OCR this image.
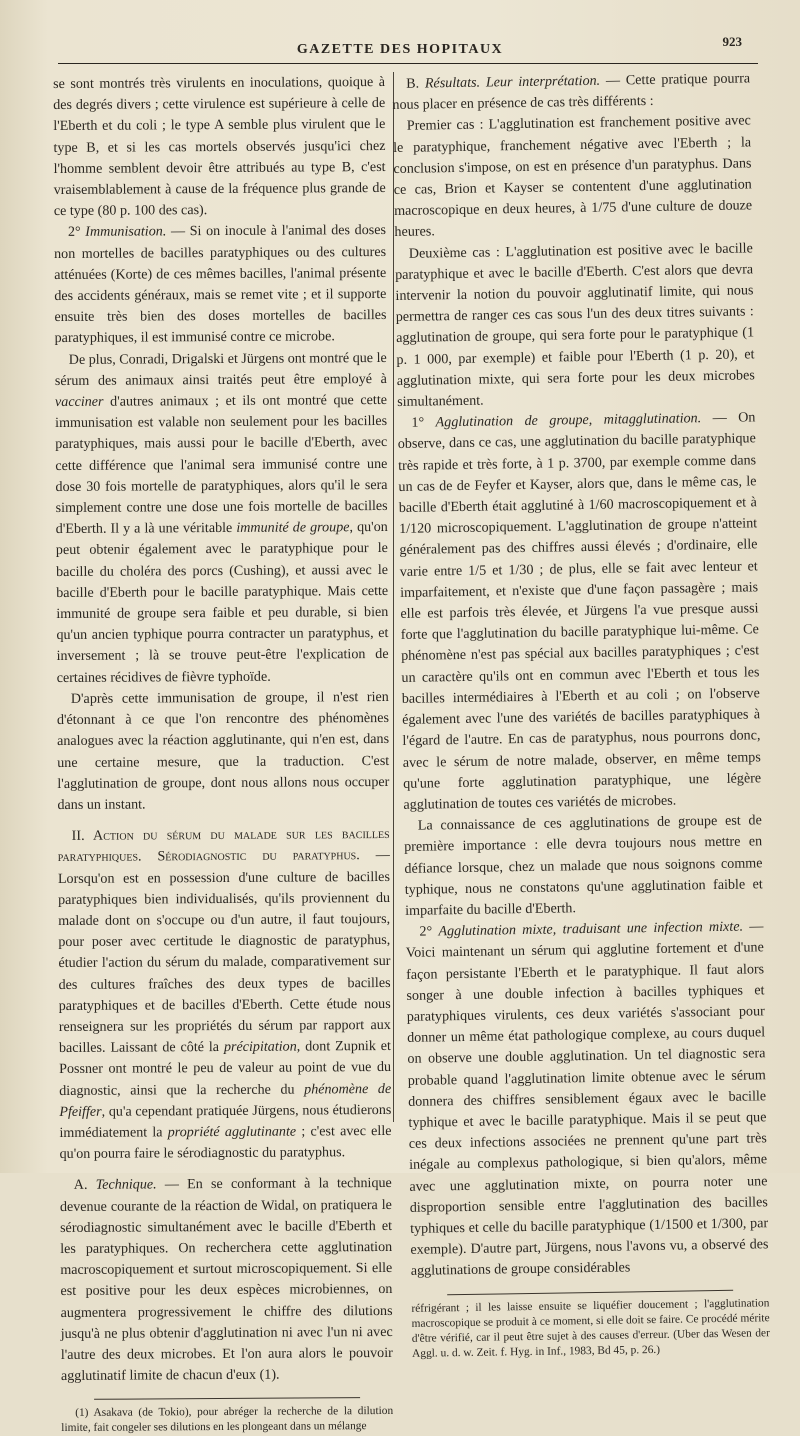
GAZETTE DES HOPITAUX
923

se sont montrés très virulents en inoculations, quoique à des degrés divers ; cette virulence est supérieure à celle de l'Eberth et du coli ; le type A semble plus virulent que le type B, et si les cas mortels observés jusqu'ici chez l'homme semblent devoir être attribués au type B, c'est vraisemblablement à cause de la fréquence plus grande de ce type (80 p. 100 des cas).

2° Immunisation. — Si on inocule à l'animal des doses non mortelles de bacilles paratyphiques ou des cultures atténuées (Korte) de ces mêmes bacilles, l'animal présente des accidents généraux, mais se remet vite ; et il supporte ensuite très bien des doses mortelles de bacilles paratyphiques, il est immunisé contre ce microbe.

De plus, Conradi, Drigalski et Jürgens ont montré que le sérum des animaux ainsi traités peut être employé à vacciner d'autres animaux ; et ils ont montré que cette immunisation est valable non seulement pour les bacilles paratyphiques, mais aussi pour le bacille d'Eberth, avec cette différence que l'animal sera immunisé contre une dose 30 fois mortelle de paratyphiques, alors qu'il le sera simplement contre une dose une fois mortelle de bacilles d'Eberth. Il y a là une véritable immunité de groupe, qu'on peut obtenir également avec le paratyphique pour le bacille du choléra des porcs (Cushing), et aussi avec le bacille d'Eberth pour le bacille paratyphique. Mais cette immunité de groupe sera faible et peu durable, si bien qu'un ancien typhique pourra contracter un paratyphus, et inversement ; là se trouve peut-être l'explication de certaines récidives de fièvre typhoïde.

D'après cette immunisation de groupe, il n'est rien d'étonnant à ce que l'on rencontre des phénomènes analogues avec la réaction agglutinante, qui n'en est, dans une certaine mesure, que la traduction. C'est l'agglutination de groupe, dont nous allons nous occuper dans un instant.

II. Action du sérum du malade sur les bacilles paratyphiques. Sérodiagnostic du paratyphus. — Lorsqu'on est en possession d'une culture de bacilles paratyphiques bien individualisés, qu'ils proviennent du malade dont on s'occupe ou d'un autre, il faut toujours, pour poser avec certitude le diagnostic de paratyphus, étudier l'action du sérum du malade, comparativement sur des cultures fraîches des deux types de bacilles paratyphiques et de bacilles d'Eberth. Cette étude nous renseignera sur les propriétés du sérum par rapport aux bacilles. Laissant de côté la précipitation, dont Zupnik et Possner ont montré le peu de valeur au point de vue du diagnostic, ainsi que la recherche du phénomène de Pfeiffer, qu'a cependant pratiquée Jürgens, nous étudierons immédiatement la propriété agglutinante ; c'est avec elle qu'on pourra faire le sérodiagnostic du paratyphus.

A. Technique. — En se conformant à la technique devenue courante de la réaction de Widal, on pratiquera le sérodiagnostic simultanément avec le bacille d'Eberth et les paratyphiques. On recherchera cette agglutination macroscopiquement et surtout microscopiquement. Si elle est positive pour les deux espèces microbiennes, on augmentera progressivement le chiffre des dilutions jusqu'à ne plus obtenir d'agglutination ni avec l'un ni avec l'autre des deux microbes. Et l'on aura alors le pouvoir agglutinatif limite de chacun d'eux (1).

(1) Asakava (de Tokio), pour abréger la recherche de la dilution limite, fait congeler ses dilutions en les plongeant dans un mélange

B. Résultats. Leur interprétation. — Cette pratique pourra nous placer en présence de cas très différents :

Premier cas : L'agglutination est franchement positive avec le paratyphique, franchement négative avec l'Eberth ; la conclusion s'impose, on est en présence d'un paratyphus. Dans ce cas, Brion et Kayser se contentent d'une agglutination macroscopique en deux heures, à 1/75 d'une culture de douze heures.

Deuxième cas : L'agglutination est positive avec le bacille paratyphique et avec le bacille d'Eberth. C'est alors que devra intervenir la notion du pouvoir agglutinatif limite, qui nous permettra de ranger ces cas sous l'un des deux titres suivants : agglutination de groupe, qui sera forte pour le paratyphique (1 p. 1 000, par exemple) et faible pour l'Eberth (1 p. 20), et agglutination mixte, qui sera forte pour les deux microbes simultanément.

1° Agglutination de groupe, mitagglutination. — On observe, dans ce cas, une agglutination du bacille paratyphique très rapide et très forte, à 1 p. 3700, par exemple comme dans un cas de de Feyfer et Kayser, alors que, dans le même cas, le bacille d'Eberth était agglutiné à 1/60 macroscopiquement et à 1/120 microscopiquement. L'agglutination de groupe n'atteint généralement pas des chiffres aussi élevés ; d'ordinaire, elle varie entre 1/5 et 1/30 ; de plus, elle se fait avec lenteur et imparfaitement, et n'existe que d'une façon passagère ; mais elle est parfois très élevée, et Jürgens l'a vue presque aussi forte que l'agglutination du bacille paratyphique lui-même. Ce phénomène n'est pas spécial aux bacilles paratyphiques ; c'est un caractère qu'ils ont en commun avec l'Eberth et tous les bacilles intermédiaires à l'Eberth et au coli ; on l'observe également avec l'une des variétés de bacilles paratyphiques à l'égard de l'autre. En cas de paratyphus, nous pourrons donc, avec le sérum de notre malade, observer, en même temps qu'une forte agglutination paratyphique, une légère agglutination de toutes ces variétés de microbes.

La connaissance de ces agglutinations de groupe est de première importance : elle devra toujours nous mettre en défiance lorsque, chez un malade que nous soignons comme typhique, nous ne constatons qu'une agglutination faible et imparfaite du bacille d'Eberth.

2° Agglutination mixte, traduisant une infection mixte. — Voici maintenant un sérum qui agglutine fortement et d'une façon persistante l'Eberth et le paratyphique. Il faut alors songer à une double infection à bacilles typhiques et paratyphiques virulents, ces deux variétés s'associant pour donner un même état pathologique complexe, au cours duquel on observe une double agglutination. Un tel diagnostic sera probable quand l'agglutination limite obtenue avec le sérum donnera des chiffres sensiblement égaux avec le bacille typhique et avec le bacille paratyphique. Mais il se peut que ces deux infections associées ne prennent qu'une part très inégale au complexus pathologique, si bien qu'alors, même avec une agglutination mixte, on pourra noter une disproportion sensible entre l'agglutination des bacilles typhiques et celle du bacille paratyphique (1/1500 et 1/300, par exemple). D'autre part, Jürgens, nous l'avons vu, a observé des agglutinations de groupe considérables

réfrigérant ; il les laisse ensuite se liquéfier doucement ; l'agglutination macroscopique se produit à ce moment, si elle doit se faire. Ce procédé mérite d'être vérifié, car il peut être sujet à des causes d'erreur. (Uber das Wesen der Aggl. u. d. w. Zeit. f. Hyg. in Inf., 1983, Bd 45, p. 26.)
